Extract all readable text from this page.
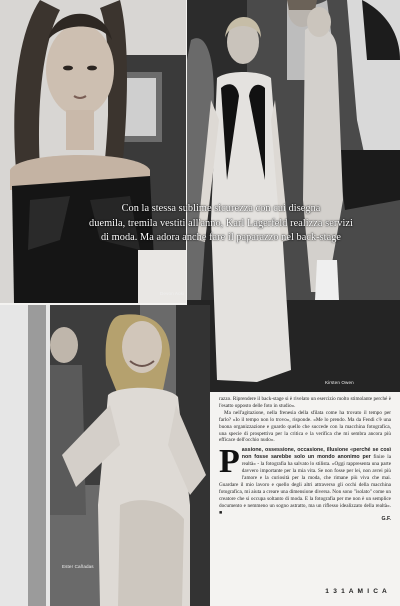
Devon Aoki
Kirsten Owen
Ester Cañadas
Con la stessa sublime sicurezza con cui disegna
duemila, tremila vestiti all'anno, Karl Lagerfeld realizza servizi
di moda. Ma adora anche fare il paparazzo nel back-stage

razzo. Riprendere il back-stage si è rivelato un esercizio molto stimolante perché è l'esatto opposto delle foto in studio».

Ma nell'agitazione, nella frenesia della sfilata come ha trovato il tempo per farlo? «Io il tempo non lo trovo», risponde. «Me lo prendo. Ma da Fendi c'è una buona organizzazione e guardo quello che succede con la macchina fotografica, una specie di prospettiva per la critica e la verifica che mi sembra ancora più efficace dell'occhio nudo».

Passione, ossessione, occasione, illusione «perché se così non fosse sarebbe solo un mondo anonimo per finire la realtà» - la fotografia ha salvato lo stilista. «Oggi rappresenta una parte davvero importante per la mia vita. Se non fosse per lei, non avrei più l'amore e la curiosità per la moda, che rimane più viva che mai. Guardare il mio lavoro e quello degli altri attraverso gli occhi della macchina fotografica, mi aiuta a creare una dimensione diversa. Non sono "isolato" come un creatore che si occupa soltanto di moda. E la fotografia per me non è un semplice documento e nemmeno un sogno astratto, ma un riflesso idealizzato della realtà». ■

G.F.
1 3 1 A M I C A
